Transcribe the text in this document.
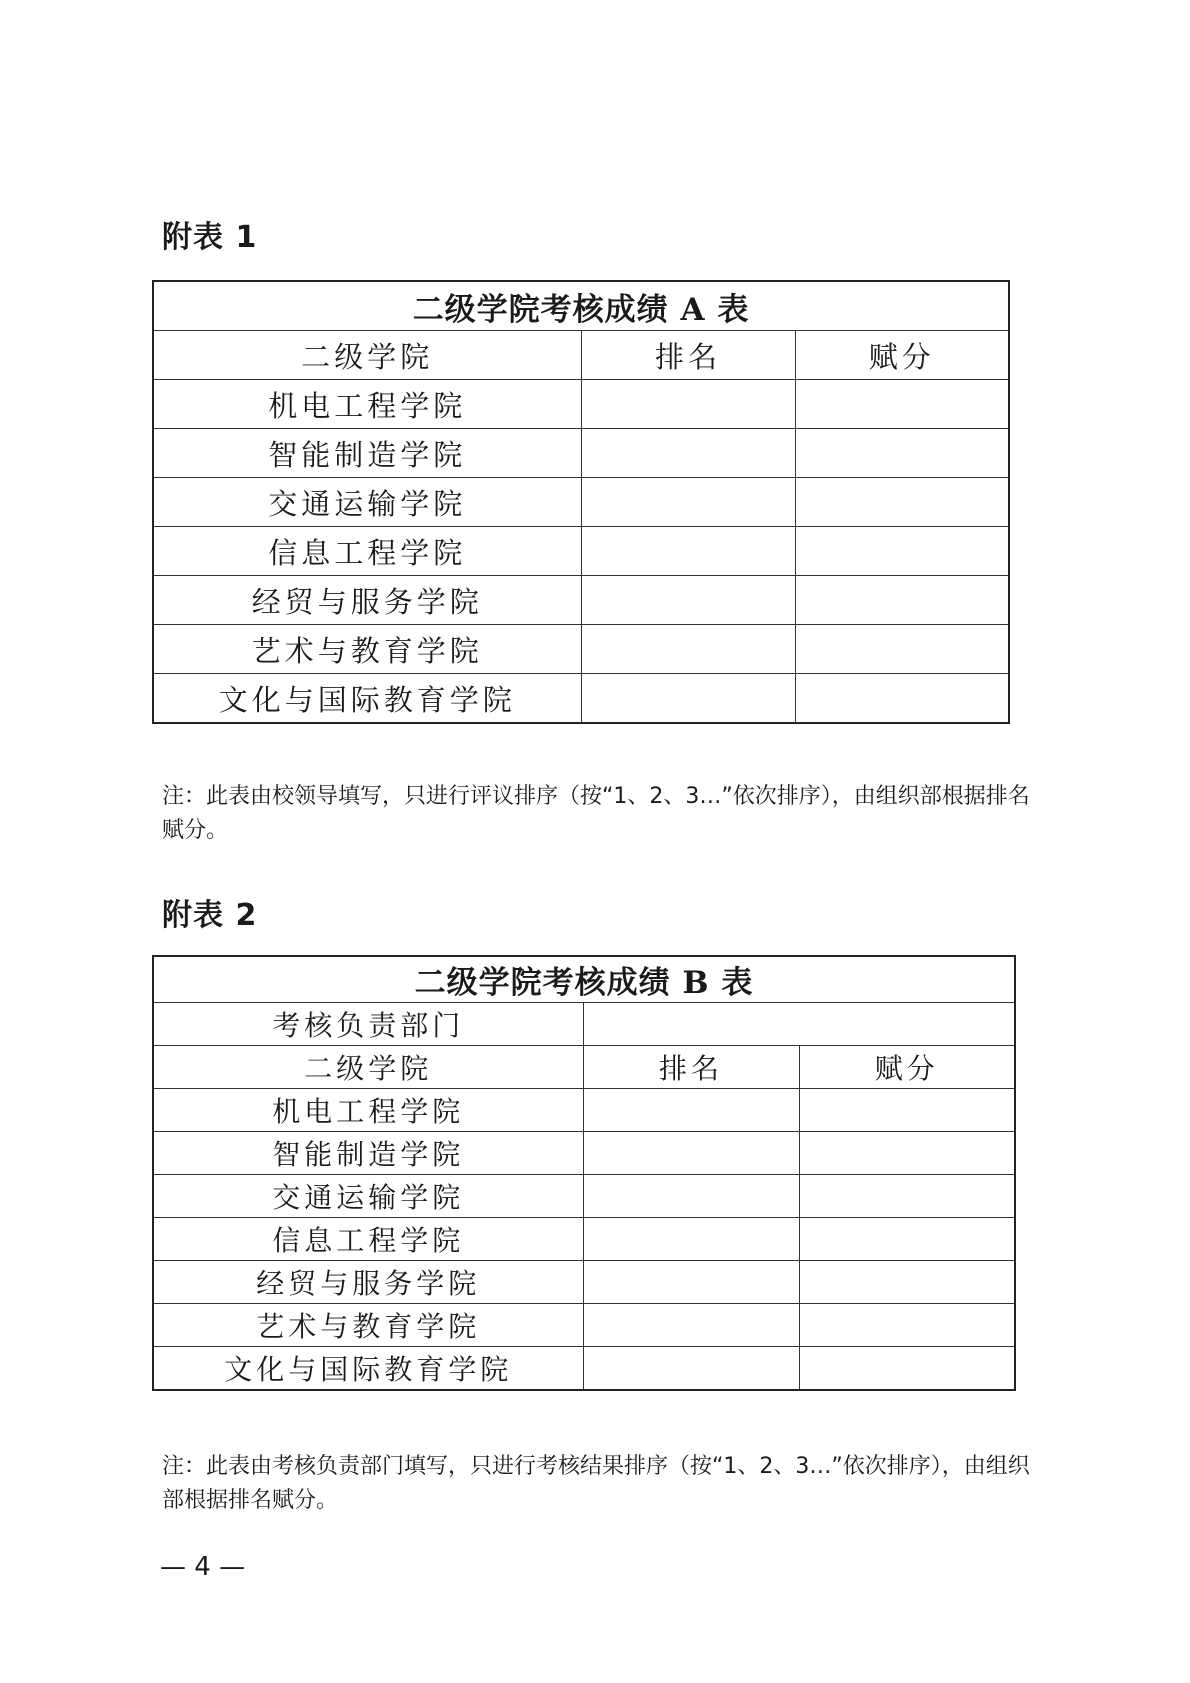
附表 1
二级学院考核成绩 A 表		
二级学院	排名	赋分
机电工程学院		
智能制造学院		
交通运输学院		
信息工程学院		
经贸与服务学院		
艺术与教育学院		
文化与国际教育学院		

注：此表由校领导填写，只进行评议排序（按“1、2、3…”依次排序），由组织部根据排名赋分。

附表 2
二级学院考核成绩 B 表		
考核负责部门		
二级学院	排名	赋分
机电工程学院		
智能制造学院		
交通运输学院		
信息工程学院		
经贸与服务学院		
艺术与教育学院		
文化与国际教育学院		

注：此表由考核负责部门填写，只进行考核结果排序（按“1、2、3…”依次排序），由组织部根据排名赋分。

— 4 —
